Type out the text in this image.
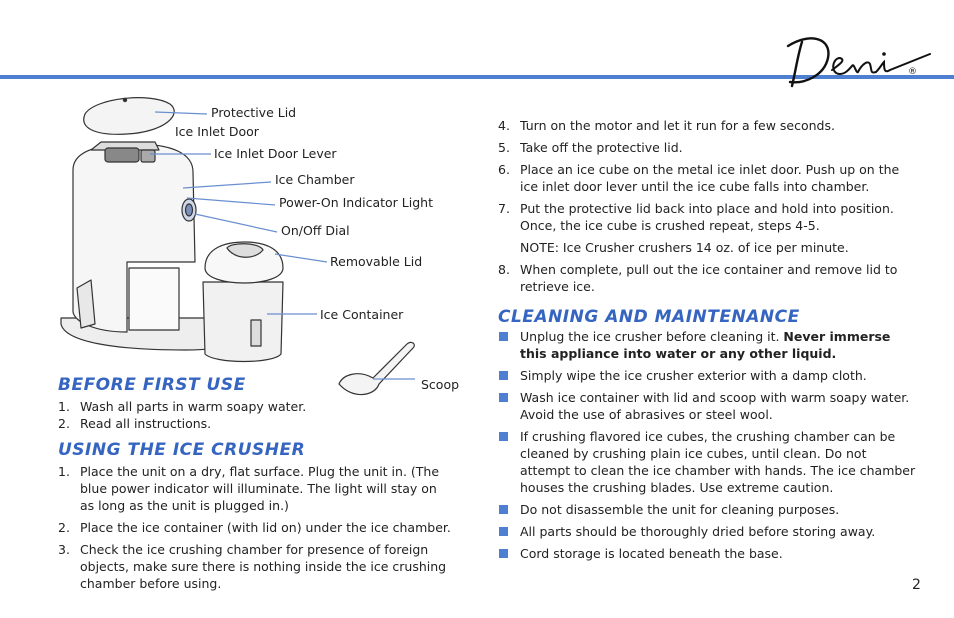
®
Protective Lid
Ice Inlet Door
Ice Inlet Door Lever
Ice Chamber
Power-On Indicator Light
On/Off Dial
Removable Lid
Ice Container
Scoop
BEFORE FIRST USE
1. Wash all parts in warm soapy water.
2. Read all instructions.
USING THE ICE CRUSHER
1. Place the unit on a dry, flat surface. Plug the unit in. (The blue power indicator will illuminate. The light will stay on as long as the unit is plugged in.)
2. Place the ice container (with lid on) under the ice chamber.
3. Check the ice crushing chamber for presence of foreign objects, make sure there is nothing inside the ice crushing chamber before using.
4. Turn on the motor and let it run for a few seconds.
5. Take off the protective lid.
6. Place an ice cube on the metal ice inlet door. Push up on the ice inlet door lever until the ice cube falls into chamber.
7. Put the protective lid back into place and hold into position. Once, the ice cube is crushed repeat, steps 4-5.
NOTE: Ice Crusher crushers 14 oz. of ice per minute.
8. When complete, pull out the ice container and remove lid to retrieve ice.
CLEANING AND MAINTENANCE
Unplug the ice crusher before cleaning it. Never immerse this appliance into water or any other liquid.
Simply wipe the ice crusher exterior with a damp cloth.
Wash ice container with lid and scoop with warm soapy water. Avoid the use of abrasives or steel wool.
If crushing flavored ice cubes, the crushing chamber can be cleaned by crushing plain ice cubes, until clean. Do not attempt to clean the ice chamber with hands. The ice chamber houses the crushing blades. Use extreme caution.
Do not disassemble the unit for cleaning purposes.
All parts should be thoroughly dried before storing away.
Cord storage is located beneath the base.
2
